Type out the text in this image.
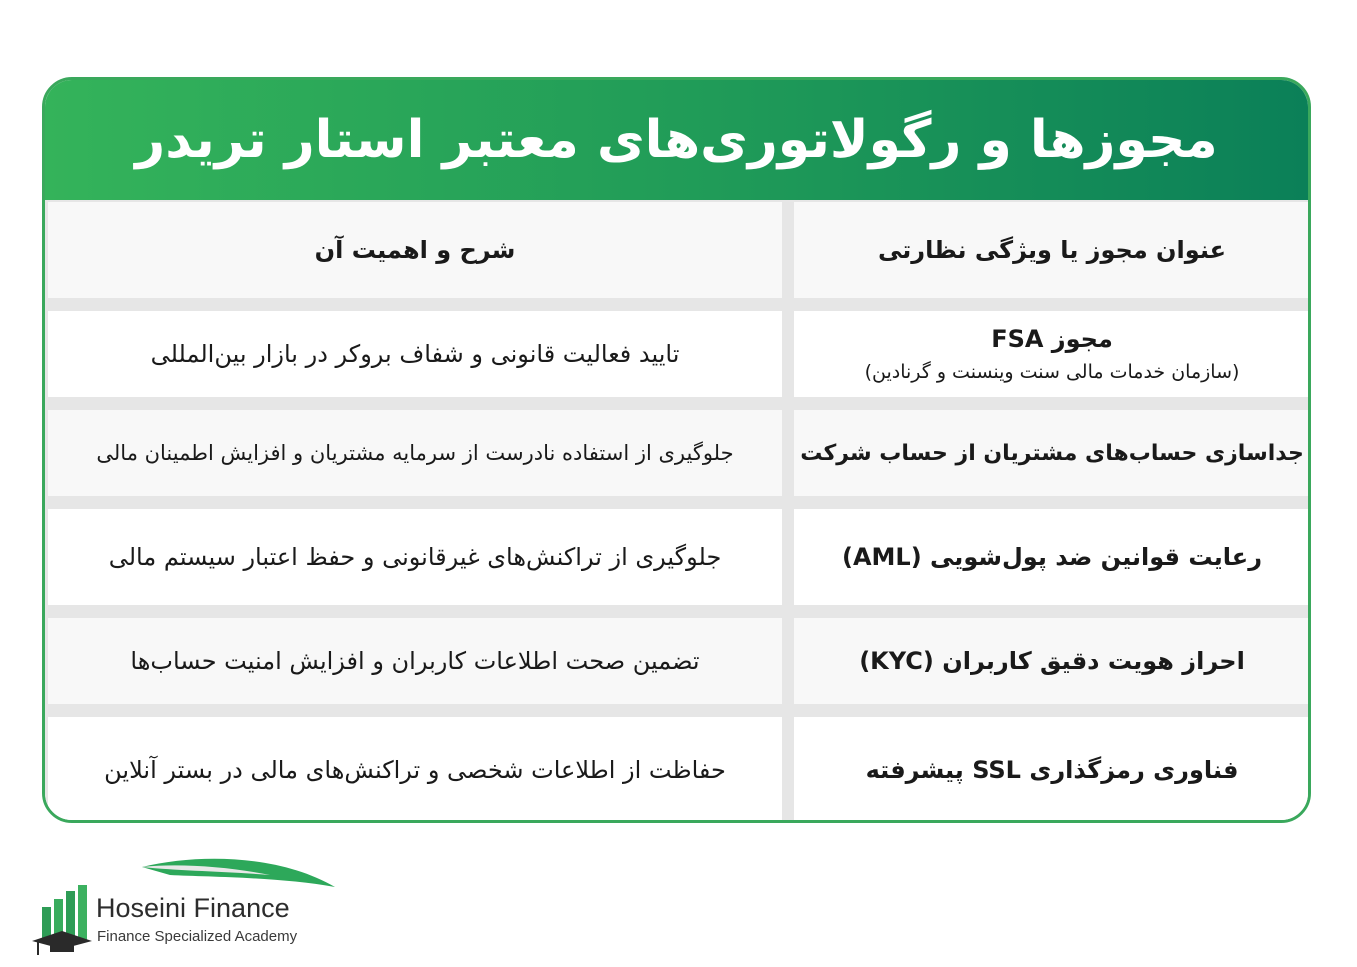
مجوزها و رگولاتوری‌های معتبر استار تریدر
عنوان مجوز یا ویژگی نظارتی
شرح و اهمیت آن
مجوز FSA
(سازمان خدمات مالی سنت وینسنت و گرنادین)
تایید فعالیت قانونی و شفاف بروکر در بازار بین‌المللی
جداسازی حساب‌های مشتریان از حساب شرکت
جلوگیری از استفاده نادرست از سرمایه مشتریان و افزایش اطمینان مالی
رعایت قوانین ضد پول‌شویی (AML)
جلوگیری از تراکنش‌های غیرقانونی و حفظ اعتبار سیستم مالی
احراز هویت دقیق کاربران (KYC)
تضمین صحت اطلاعات کاربران و افزایش امنیت حساب‌ها
فناوری رمزگذاری SSL پیشرفته
حفاظت از اطلاعات شخصی و تراکنش‌های مالی در بستر آنلاین
Hoseini Finance
Finance Specialized Academy
